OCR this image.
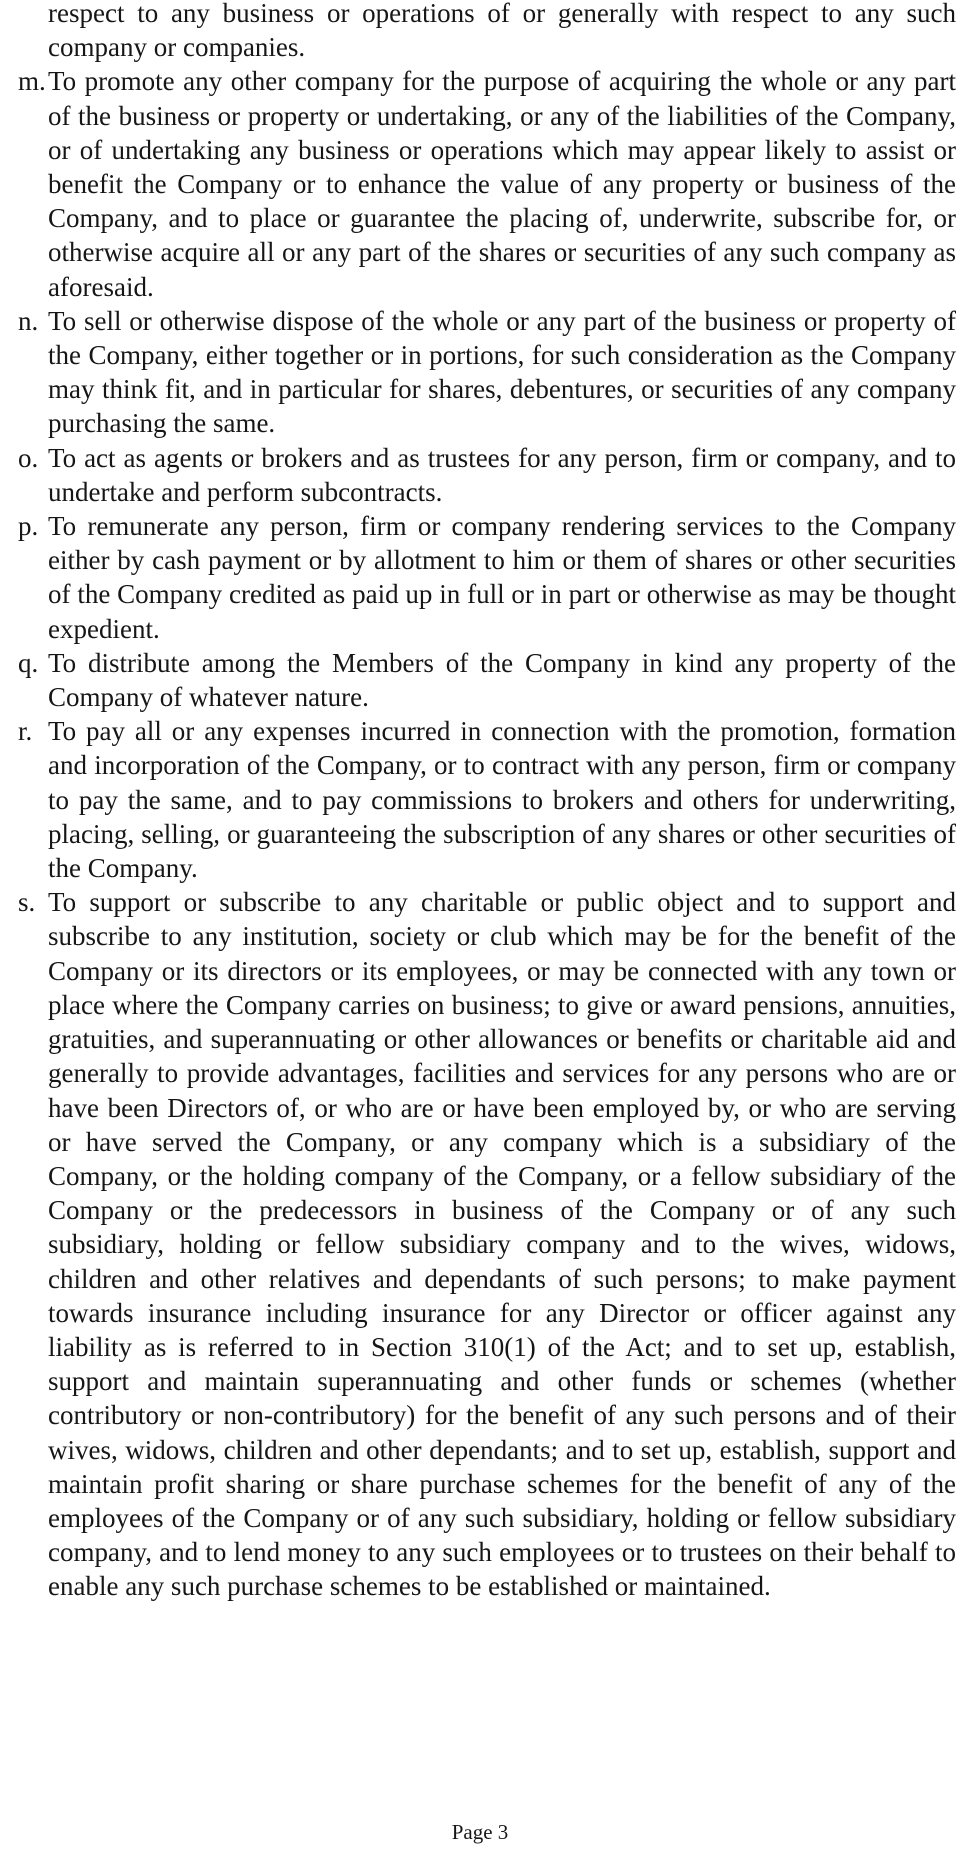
respect to any business or operations of or generally with respect to any such company or companies.
m. To promote any other company for the purpose of acquiring the whole or any part of the business or property or undertaking, or any of the liabilities of the Company, or of undertaking any business or operations which may appear likely to assist or benefit the Company or to enhance the value of any property or business of the Company, and to place or guarantee the placing of, underwrite, subscribe for, or otherwise acquire all or any part of the shares or securities of any such company as aforesaid.
n. To sell or otherwise dispose of the whole or any part of the business or property of the Company, either together or in portions, for such consideration as the Company may think fit, and in particular for shares, debentures, or securities of any company purchasing the same.
o. To act as agents or brokers and as trustees for any person, firm or company, and to undertake and perform subcontracts.
p. To remunerate any person, firm or company rendering services to the Company either by cash payment or by allotment to him or them of shares or other securities of the Company credited as paid up in full or in part or otherwise as may be thought expedient.
q. To distribute among the Members of the Company in kind any property of the Company of whatever nature.
r. To pay all or any expenses incurred in connection with the promotion, formation and incorporation of the Company, or to contract with any person, firm or company to pay the same, and to pay commissions to brokers and others for underwriting, placing, selling, or guaranteeing the subscription of any shares or other securities of the Company.
s. To support or subscribe to any charitable or public object and to support and subscribe to any institution, society or club which may be for the benefit of the Company or its directors or its employees, or may be connected with any town or place where the Company carries on business; to give or award pensions, annuities, gratuities, and superannuating or other allowances or benefits or charitable aid and generally to provide advantages, facilities and services for any persons who are or have been Directors of, or who are or have been employed by, or who are serving or have served the Company, or any company which is a subsidiary of the Company, or the holding company of the Company, or a fellow subsidiary of the Company or the predecessors in business of the Company or of any such subsidiary, holding or fellow subsidiary company and to the wives, widows, children and other relatives and dependants of such persons; to make payment towards insurance including insurance for any Director or officer against any liability as is referred to in Section 310(1) of the Act; and to set up, establish, support and maintain superannuating and other funds or schemes (whether contributory or non-contributory) for the benefit of any such persons and of their wives, widows, children and other dependants; and to set up, establish, support and maintain profit sharing or share purchase schemes for the benefit of any of the employees of the Company or of any such subsidiary, holding or fellow subsidiary company, and to lend money to any such employees or to trustees on their behalf to enable any such purchase schemes to be established or maintained.
Page 3
